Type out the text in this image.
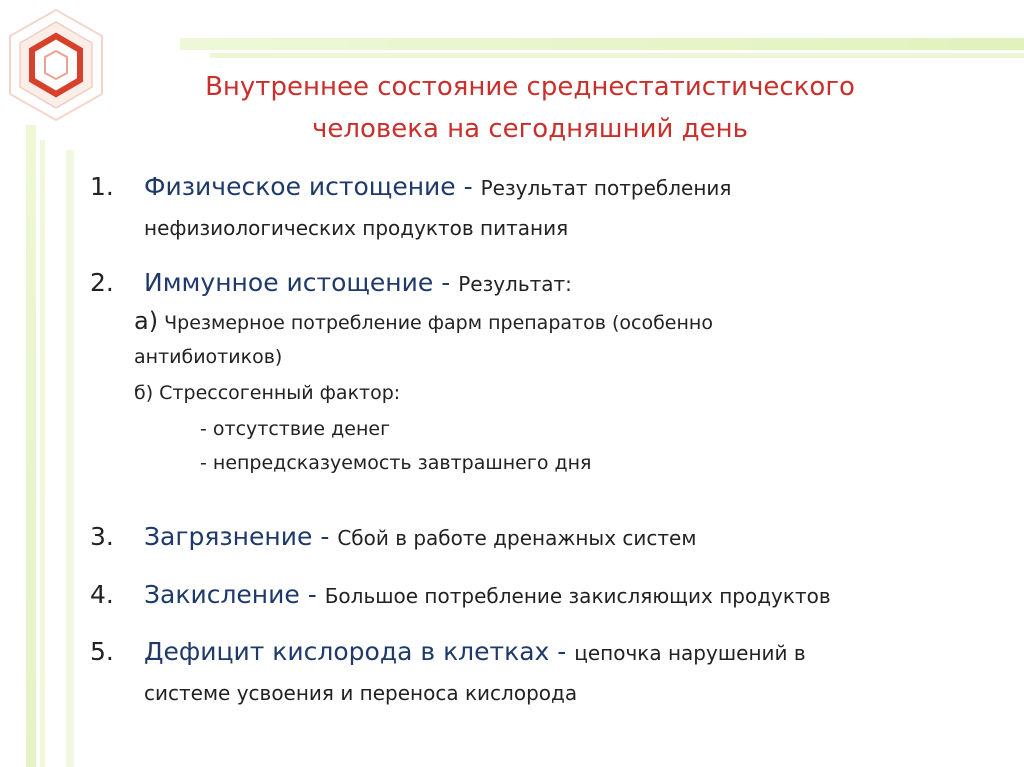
Внутреннее состояние среднестатистического
человека на сегодняшний день
1. Физическое истощение - Результат потребления
нефизиологических продуктов питания
2. Иммунное истощение - Результат:
а) Чрезмерное потребление фарм препаратов (особенно
антибиотиков)
б) Стрессогенный фактор:
- отсутствие денег
- непредсказуемость завтрашнего дня
3. Загрязнение - Сбой в работе дренажных систем
4. Закисление - Большое потребление закисляющих продуктов
5. Дефицит кислорода в клетках - цепочка нарушений в
системе усвоения и переноса кислорода
